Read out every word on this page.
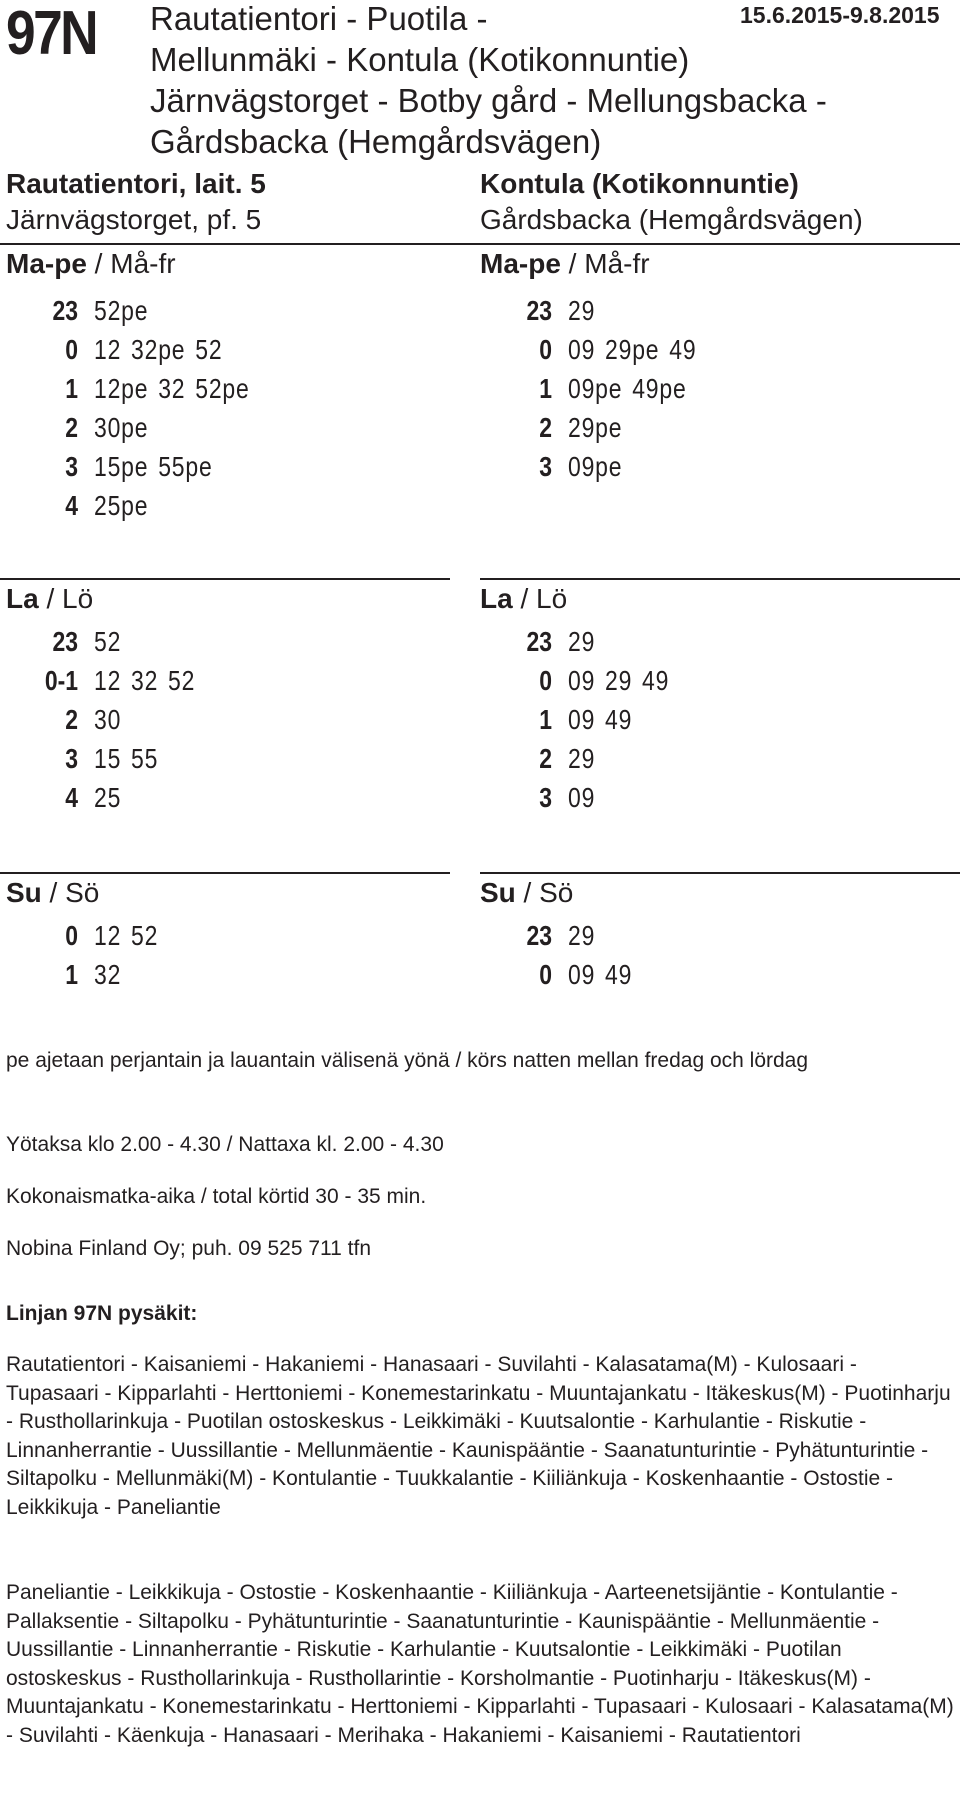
97N	15.6.2015-9.8.2015
Rautatientori - Puotila -
Mellunmäki - Kontula (Kotikonnuntie)
Järnvägstorget - Botby gård - Mellungsbacka -
Gårdsbacka (Hemgårdsvägen)
Rautatientori, lait. 5
Järnvägstorget, pf. 5
Kontula (Kotikonnuntie)
Gårdsbacka (Hemgårdsvägen)
Ma-pe / Må-fr
23 52pe
0 12 32pe 52
1 12pe 32 52pe
2 30pe
3 15pe 55pe
4 25pe
La / Lö
23 52
0-1 12 32 52
2 30
3 15 55
4 25
Su / Sö
0 12 52
1 32
Ma-pe / Må-fr
23 29
0 09 29pe 49
1 09pe 49pe
2 29pe
3 09pe
La / Lö
23 29
0 09 29 49
1 09 49
2 29
3 09
Su / Sö
23 29
0 09 49
pe ajetaan perjantain ja lauantain välisenä yönä / körs natten mellan fredag och lördag
Yötaksa klo 2.00 - 4.30 / Nattaxa kl. 2.00 - 4.30
Kokonaismatka-aika / total körtid 30 - 35 min.
Nobina Finland Oy; puh. 09 525 711 tfn
Linjan 97N pysäkit:
Rautatientori - Kaisaniemi - Hakaniemi - Hanasaari - Suvilahti - Kalasatama(M) - Kulosaari - Tupasaari - Kipparlahti - Herttoniemi - Konemestarinkatu - Muuntajankatu - Itäkeskus(M) - Puotinharju - Rusthollarinkuja - Puotilan ostoskeskus - Leikkimäki - Kuutsalontie - Karhulantie - Riskutie - Linnanherrantie - Uussillantie - Mellunmäentie - Kaunispääntie - Saanatunturintie - Pyhätunturintie - Siltapolku - Mellunmäki(M) - Kontulantie - Tuukkalantie - Kiiliänkuja - Koskenhaantie - Ostostie - Leikkikuja - Paneliantie
Paneliantie - Leikkikuja - Ostostie - Koskenhaantie - Kiiliänkuja - Aarteenetsijäntie - Kontulantie - Pallaksentie - Siltapolku - Pyhätunturintie - Saanatunturintie - Kaunispääntie - Mellunmäentie - Uussillantie - Linnanherrantie - Riskutie - Karhulantie - Kuutsalontie - Leikkimäki - Puotilan ostoskeskus - Rusthollarinkuja - Rusthollarintie - Korsholmantie - Puotinharju - Itäkeskus(M) - Muuntajankatu - Konemestarinkatu - Herttoniemi - Kipparlahti - Tupasaari - Kulosaari - Kalasatama(M) - Suvilahti - Käenkuja - Hanasaari - Merihaka - Hakaniemi - Kaisaniemi - Rautatientori
